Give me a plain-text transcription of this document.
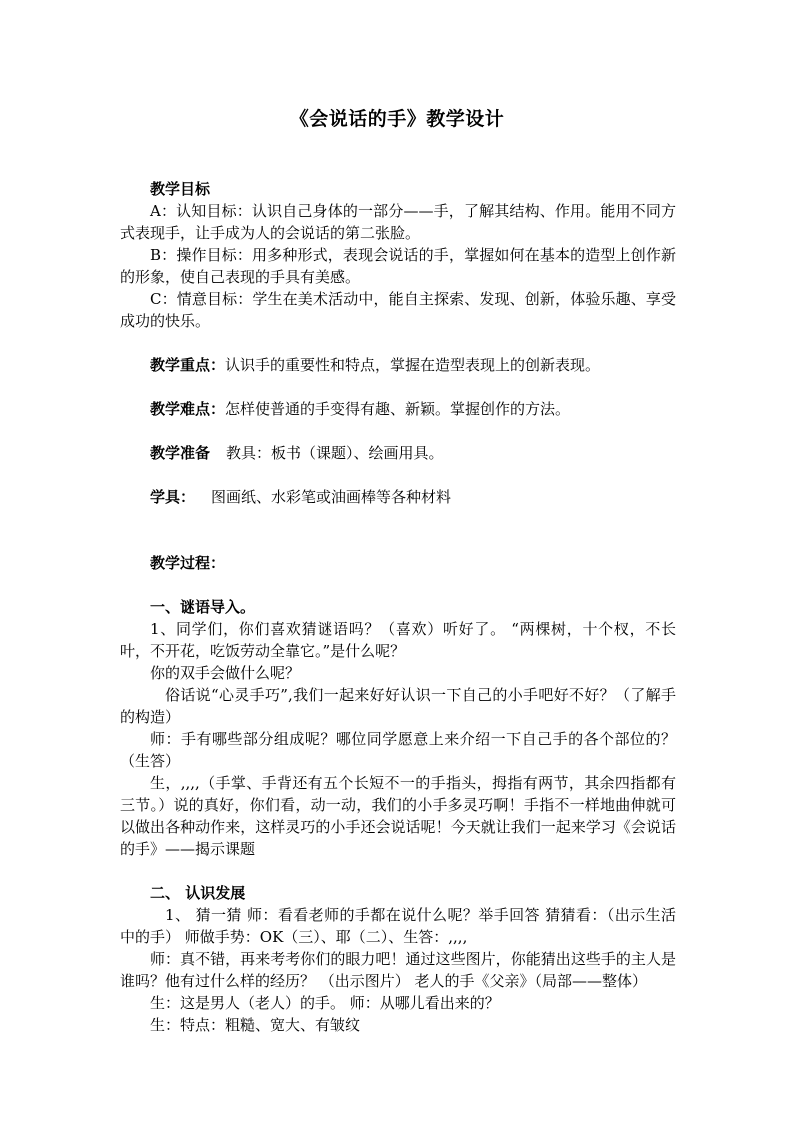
《会说话的手》教学设计

教学目标

A：认知目标：认识自己身体的一部分——手，了解其结构、作用。能用不同方式表现手，让手成为人的会说话的第二张脸。

B：操作目标：用多种形式，表现会说话的手，掌握如何在基本的造型上创作新的形象，使自己表现的手具有美感。

C：情意目标：学生在美术活动中，能自主探索、发现、创新，体验乐趣、享受成功的快乐。

教学重点：认识手的重要性和特点，掌握在造型表现上的创新表现。

教学难点：怎样使普通的手变得有趣、新颖。掌握创作的方法。

教学准备 教具：板书（课题）、绘画用具。

学具： 图画纸、水彩笔或油画棒等各种材料

教学过程：

一、谜语导入。

1、同学们，你们喜欢猜谜语吗？（喜欢）听好了。 “两棵树，十个杈，不长叶，不开花，吃饭劳动全靠它。”是什么呢？

你的双手会做什么呢？

俗话说“心灵手巧”,我们一起来好好认识一下自己的小手吧好不好？（了解手的构造）

师：手有哪些部分组成呢？哪位同学愿意上来介绍一下自己手的各个部位的？（生答）

生，,,,,（手掌、手背还有五个长短不一的手指头，拇指有两节，其余四指都有三节。）说的真好，你们看，动一动，我们的小手多灵巧啊！手指不一样地曲伸就可以做出各种动作来，这样灵巧的小手还会说话呢！今天就让我们一起来学习《会说话的手》——揭示课题

二、 认识发展

1、 猜一猜 师：看看老师的手都在说什么呢？举手回答 猜猜看：（出示生活中的手） 师做手势：OK（三）、耶（二）、生答：,,,,

师：真不错，再来考考你们的眼力吧！通过这些图片，你能猜出这些手的主人是谁吗？他有过什么样的经历？ （出示图片） 老人的手《父亲》（局部——整体）

生：这是男人（老人）的手。 师：从哪儿看出来的？

生：特点：粗糙、宽大、有皱纹
